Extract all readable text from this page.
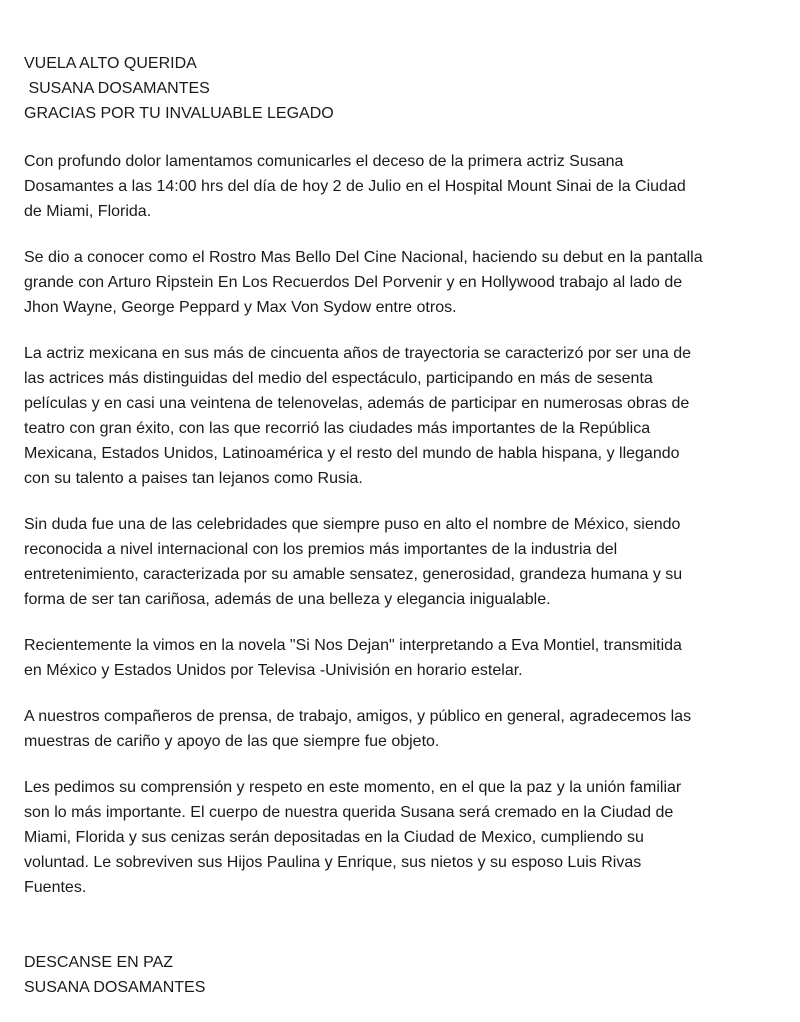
VUELA ALTO QUERIDA
SUSANA DOSAMANTES
GRACIAS POR TU INVALUABLE LEGADO

Con profundo dolor lamentamos comunicarles el deceso de la primera actriz Susana
Dosamantes a las 14:00 hrs del día de hoy 2 de Julio en el Hospital Mount Sinai de la Ciudad
de Miami, Florida.

Se dio a conocer como el Rostro Mas Bello Del Cine Nacional, haciendo su debut en la pantalla
grande con Arturo Ripstein En Los Recuerdos Del Porvenir y en Hollywood trabajo al lado de
Jhon Wayne, George Peppard y Max Von Sydow entre otros.

La actriz mexicana en sus más de cincuenta años de trayectoria se caracterizó por ser una de
las actrices más distinguidas del medio del espectáculo, participando en más de sesenta
películas y en casi una veintena de telenovelas, además de participar en numerosas obras de
teatro con gran éxito, con las que recorrió las ciudades más importantes de la República
Mexicana, Estados Unidos, Latinoamérica y el resto del mundo de habla hispana, y llegando
con su talento a paises tan lejanos como Rusia.

Sin duda fue una de las celebridades que siempre puso en alto el nombre de México, siendo
reconocida a nivel internacional con los premios más importantes de la industria del
entretenimiento, caracterizada por su amable sensatez, generosidad, grandeza humana y su
forma de ser tan cariñosa, además de una belleza y elegancia inigualable.

Recientemente la vimos en la novela "Si Nos Dejan" interpretando a Eva Montiel, transmitida
en México y Estados Unidos por Televisa -Univisión en horario estelar.

A nuestros compañeros de prensa, de trabajo, amigos, y público en general, agradecemos las
muestras de cariño y apoyo de las que siempre fue objeto.

Les pedimos su comprensión y respeto en este momento, en el que la paz y la unión familiar
son lo más importante. El cuerpo de nuestra querida Susana será cremado en la Ciudad de
Miami, Florida y sus cenizas serán depositadas en la Ciudad de Mexico, cumpliendo su
voluntad. Le sobreviven sus Hijos Paulina y Enrique, sus nietos y su esposo Luis Rivas
Fuentes.

DESCANSE EN PAZ
SUSANA DOSAMANTES
